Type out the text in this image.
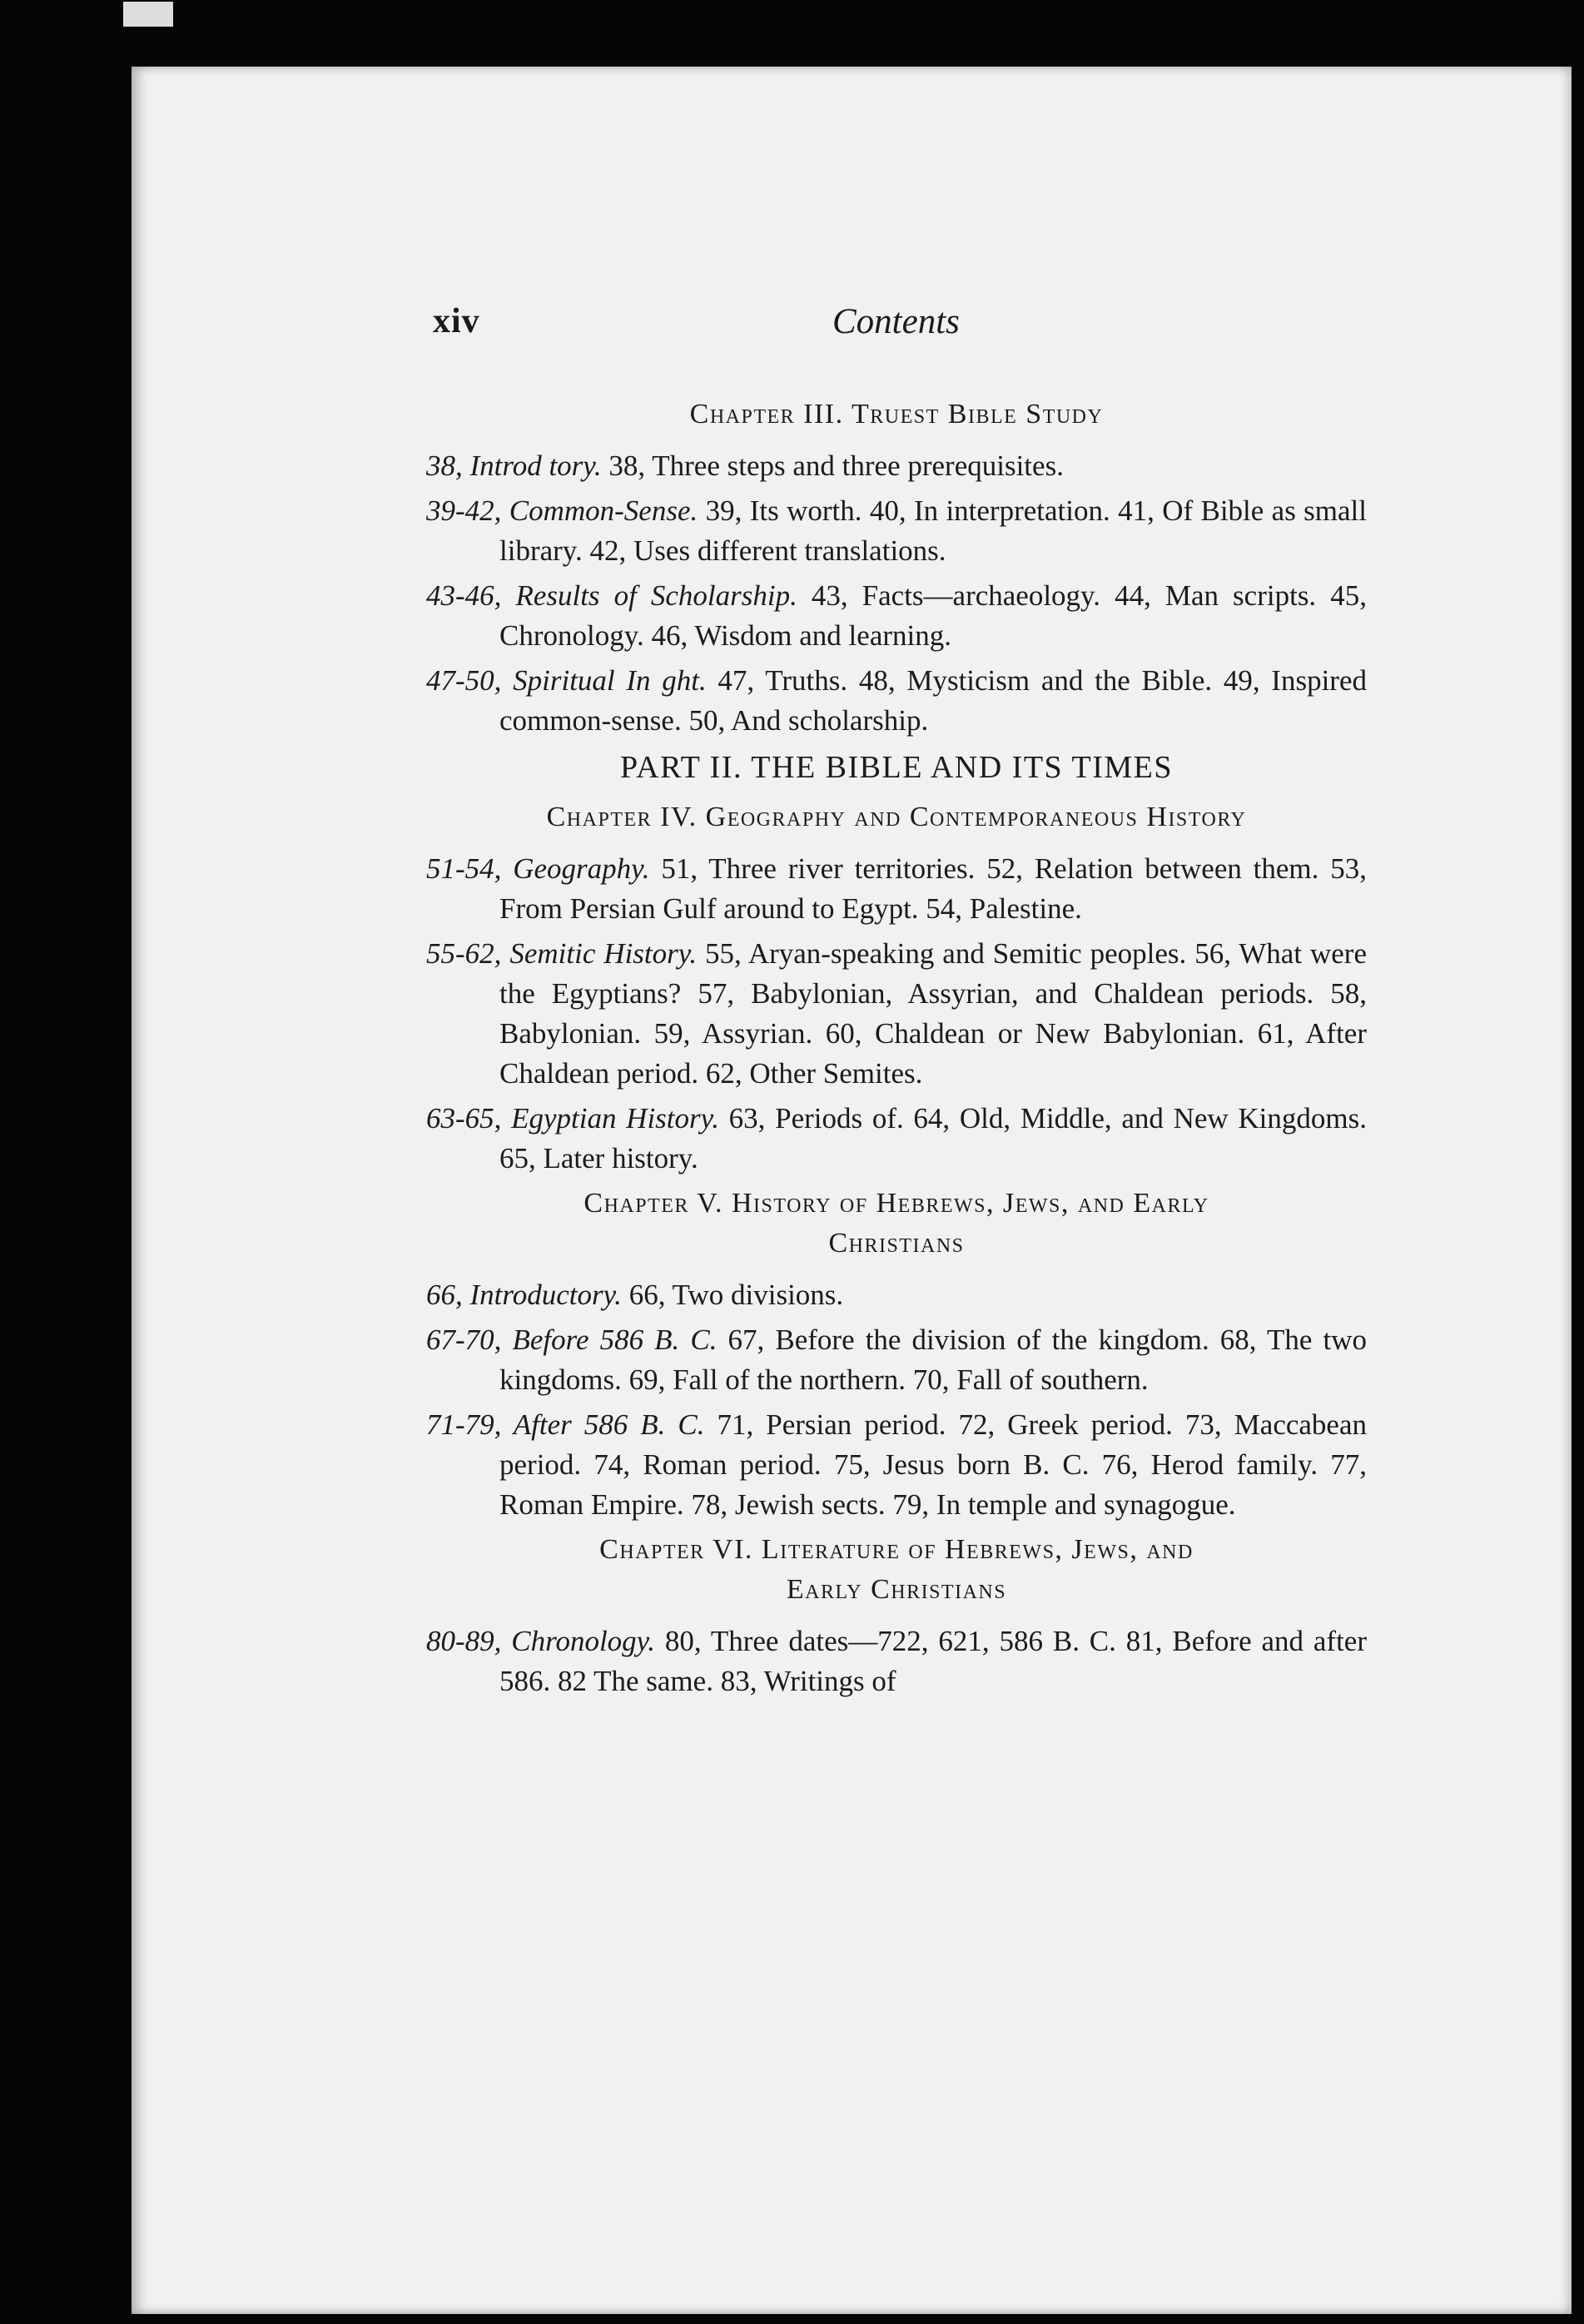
xiv	Contents
Chapter III. Truest Bible Study

38, Introd tory. 38, Three steps and three prerequisites.

39-42, Common-Sense. 39, Its worth. 40, In interpretation. 41, Of Bible as small library. 42, Uses different translations.

43-46, Results of Scholarship. 43, Facts—archaeology. 44, Man scripts. 45, Chronology. 46, Wisdom and learning.

47-50, Spiritual In ght. 47, Truths. 48, Mysticism and the Bible. 49, Inspired common-sense. 50, And scholarship.

PART II. THE BIBLE AND ITS TIMES
Chapter IV. Geography and Contemporaneous History

51-54, Geography. 51, Three river territories. 52, Relation between them. 53, From Persian Gulf around to Egypt. 54, Palestine.

55-62, Semitic History. 55, Aryan-speaking and Semitic peoples. 56, What were the Egyptians? 57, Babylonian, Assyrian, and Chaldean periods. 58, Babylonian. 59, Assyrian. 60, Chaldean or New Babylonian. 61, After Chaldean period. 62, Other Semites.

63-65, Egyptian History. 63, Periods of. 64, Old, Middle, and New Kingdoms. 65, Later history.

Chapter V. History of Hebrews, Jews, and Early
Christians

66, Introductory. 66, Two divisions.

67-70, Before 586 B. C. 67, Before the division of the kingdom. 68, The two kingdoms. 69, Fall of the northern. 70, Fall of southern.

71-79, After 586 B. C. 71, Persian period. 72, Greek period. 73, Maccabean period. 74, Roman period. 75, Jesus born B. C. 76, Herod family. 77, Roman Empire. 78, Jewish sects. 79, In temple and synagogue.

Chapter VI. Literature of Hebrews, Jews, and
Early Christians

80-89, Chronology. 80, Three dates—722, 621, 586 B. C. 81, Before and after 586. 82 The same. 83, Writings of
